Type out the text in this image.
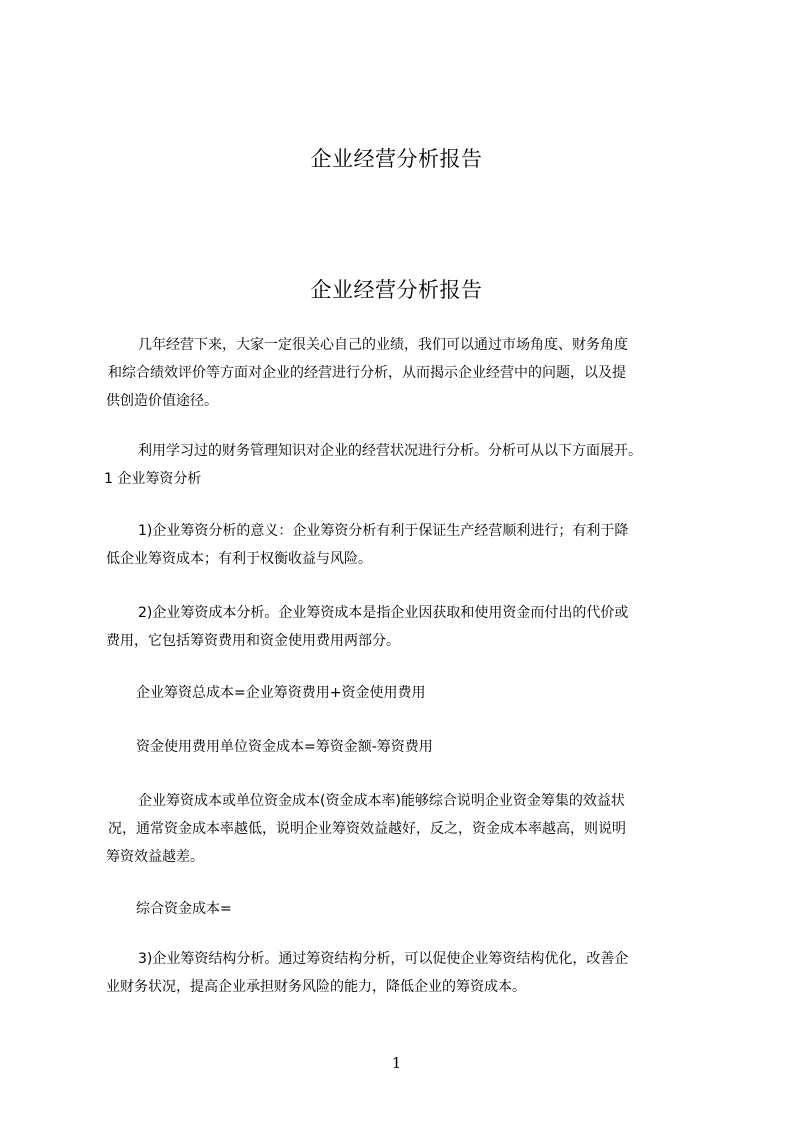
企业经营分析报告
企业经营分析报告
几年经营下来，大家一定很关心自己的业绩，我们可以通过市场角度、财务角度
和综合绩效评价等方面对企业的经营进行分析，从而揭示企业经营中的问题，以及提
供创造价值途径。
利用学习过的财务管理知识对企业的经营状况进行分析。分析可从以下方面展开。
1 企业筹资分析
1)企业筹资分析的意义：企业筹资分析有利于保证生产经营顺利进行；有利于降
低企业筹资成本；有利于权衡收益与风险。
2)企业筹资成本分析。企业筹资成本是指企业因获取和使用资金而付出的代价或
费用，它包括筹资费用和资金使用费用两部分。
企业筹资总成本=企业筹资费用+资金使用费用
资金使用费用单位资金成本=筹资金额-筹资费用
企业筹资成本或单位资金成本(资金成本率)能够综合说明企业资金筹集的效益状
况，通常资金成本率越低，说明企业筹资效益越好，反之，资金成本率越高，则说明
筹资效益越差。
综合资金成本=
3)企业筹资结构分析。通过筹资结构分析，可以促使企业筹资结构优化，改善企
业财务状况，提高企业承担财务风险的能力，降低企业的筹资成本。
1
